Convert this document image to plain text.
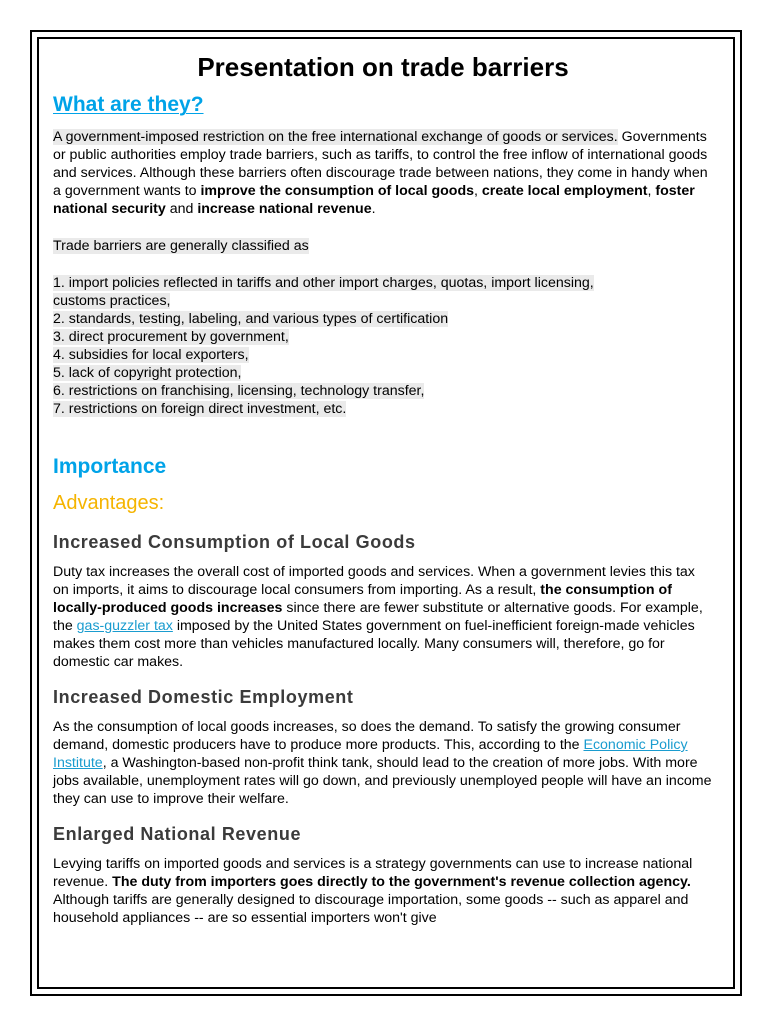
Presentation on trade barriers
What are they?

A government-imposed restriction on the free international exchange of goods or services. Governments or public authorities employ trade barriers, such as tariffs, to control the free inflow of international goods and services. Although these barriers often discourage trade between nations, they come in handy when a government wants to improve the consumption of local goods, create local employment, foster national security and increase national revenue.

Trade barriers are generally classified as

1. import policies reflected in tariffs and other import charges, quotas, import licensing,
customs practices,
2. standards, testing, labeling, and various types of certification
3. direct procurement by government,
4. subsidies for local exporters,
5. lack of copyright protection,
6. restrictions on franchising, licensing, technology transfer,
7. restrictions on foreign direct investment, etc.

Importance
Advantages:
Increased Consumption of Local Goods

Duty tax increases the overall cost of imported goods and services. When a government levies this tax on imports, it aims to discourage local consumers from importing. As a result, the consumption of locally-produced goods increases since there are fewer substitute or alternative goods. For example, the gas-guzzler tax imposed by the United States government on fuel-inefficient foreign-made vehicles makes them cost more than vehicles manufactured locally. Many consumers will, therefore, go for domestic car makes.

Increased Domestic Employment

As the consumption of local goods increases, so does the demand. To satisfy the growing consumer demand, domestic producers have to produce more products. This, according to the Economic Policy Institute, a Washington-based non-profit think tank, should lead to the creation of more jobs. With more jobs available, unemployment rates will go down, and previously unemployed people will have an income they can use to improve their welfare.

Enlarged National Revenue

Levying tariffs on imported goods and services is a strategy governments can use to increase national revenue. The duty from importers goes directly to the government's revenue collection agency. Although tariffs are generally designed to discourage importation, some goods -- such as apparel and household appliances -- are so essential importers won't give
